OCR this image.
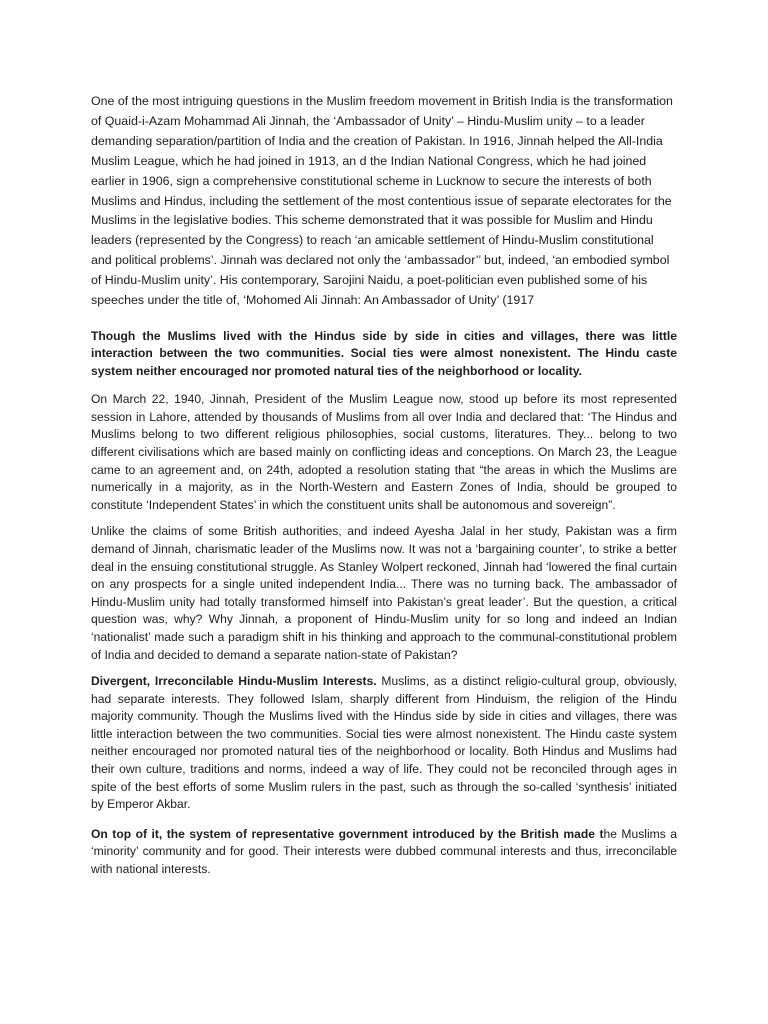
One of the most intriguing questions in the Muslim freedom movement in British India is the transformation of Quaid-i-Azam Mohammad Ali Jinnah, the ‘Ambassador of Unity’ – Hindu-Muslim unity – to a leader demanding separation/partition of India and the creation of Pakistan. In 1916, Jinnah helped the All-India Muslim League, which he had joined in 1913, an d the Indian National Congress, which he had joined earlier in 1906, sign a comprehensive constitutional scheme in Lucknow to secure the interests of both Muslims and Hindus, including the settlement of the most contentious issue of separate electorates for the Muslims in the legislative bodies. This scheme demonstrated that it was possible for Muslim and Hindu leaders (represented by the Congress) to reach ‘an amicable settlement of Hindu-Muslim constitutional and political problems’. Jinnah was declared not only the ‘ambassador’’ but, indeed, ‘an embodied symbol of Hindu-Muslim unity’. His contemporary, Sarojini Naidu, a poet-politician even published some of his speeches under the title of, ‘Mohomed Ali Jinnah: An Ambassador of Unity’ (1917

Though the Muslims lived with the Hindus side by side in cities and villages, there was little interaction between the two communities. Social ties were almost nonexistent. The Hindu caste system neither encouraged nor promoted natural ties of the neighborhood or locality.

On March 22, 1940, Jinnah, President of the Muslim League now, stood up before its most represented session in Lahore, attended by thousands of Muslims from all over India and declared that: ‘The Hindus and Muslims belong to two different religious philosophies, social customs, literatures. They... belong to two different civilisations which are based mainly on conflicting ideas and conceptions. On March 23, the League came to an agreement and, on 24th, adopted a resolution stating that “the areas in which the Muslims are numerically in a majority, as in the North-Western and Eastern Zones of India, should be grouped to constitute ‘Independent States’ in which the constituent units shall be autonomous and sovereign”.

Unlike the claims of some British authorities, and indeed Ayesha Jalal in her study, Pakistan was a firm demand of Jinnah, charismatic leader of the Muslims now. It was not a ‘bargaining counter’, to strike a better deal in the ensuing constitutional struggle. As Stanley Wolpert reckoned, Jinnah had ‘lowered the final curtain on any prospects for a single united independent India... There was no turning back. The ambassador of Hindu-Muslim unity had totally transformed himself into Pakistan’s great leader’. But the question, a critical question was, why? Why Jinnah, a proponent of Hindu-Muslim unity for so long and indeed an Indian ‘nationalist’ made such a paradigm shift in his thinking and approach to the communal-constitutional problem of India and decided to demand a separate nation-state of Pakistan?

Divergent, Irreconcilable Hindu-Muslim Interests. Muslims, as a distinct religio-cultural group, obviously, had separate interests. They followed Islam, sharply different from Hinduism, the religion of the Hindu majority community. Though the Muslims lived with the Hindus side by side in cities and villages, there was little interaction between the two communities. Social ties were almost nonexistent. The Hindu caste system neither encouraged nor promoted natural ties of the neighborhood or locality. Both Hindus and Muslims had their own culture, traditions and norms, indeed a way of life. They could not be reconciled through ages in spite of the best efforts of some Muslim rulers in the past, such as through the so-called ‘synthesis’ initiated by Emperor Akbar.

On top of it, the system of representative government introduced by the British made the Muslims a ‘minority’ community and for good. Their interests were dubbed communal interests and thus, irreconcilable with national interests.
